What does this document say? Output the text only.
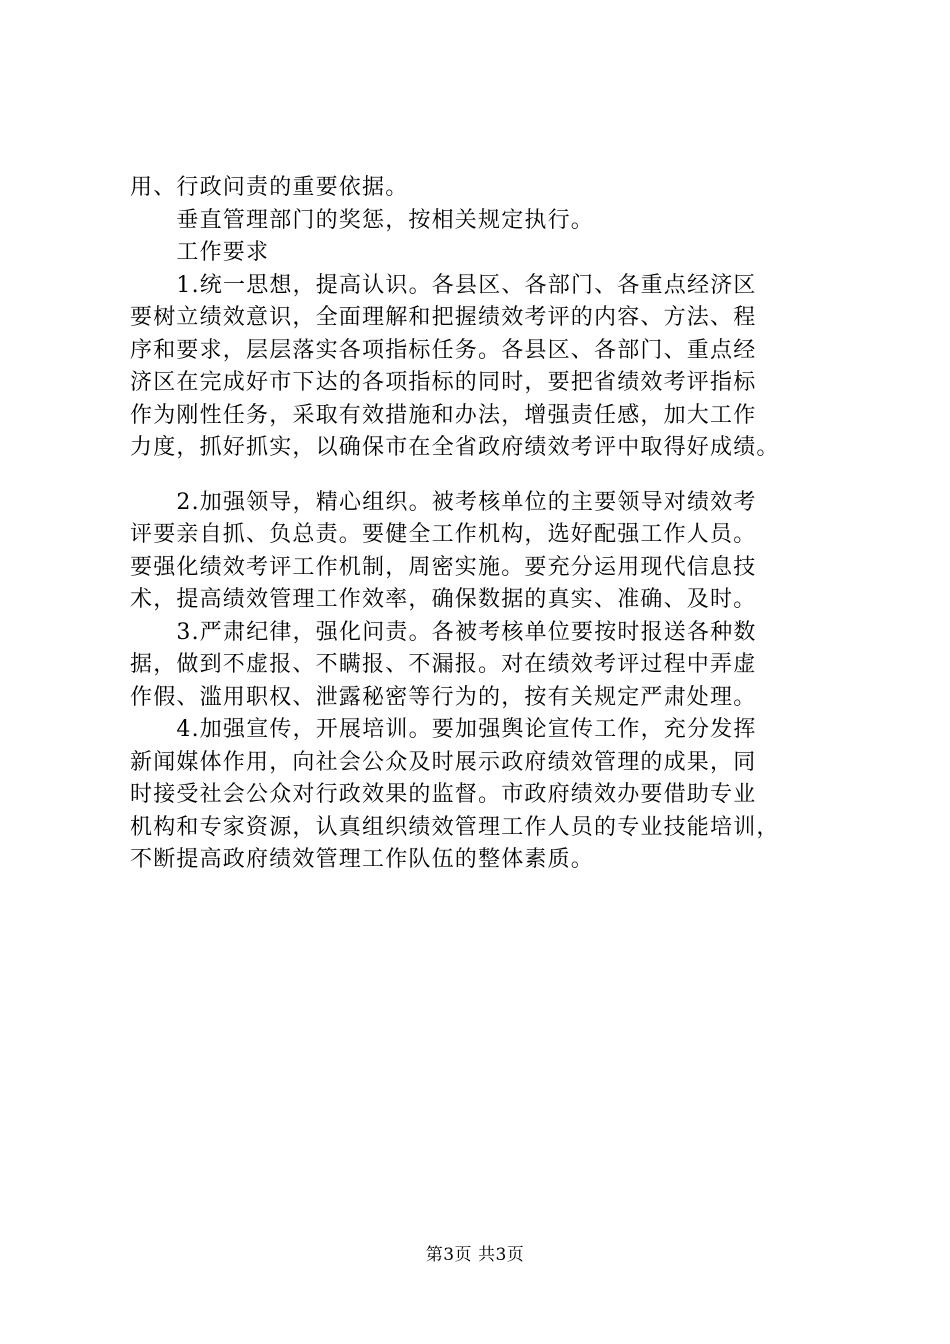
用、行政问责的重要依据。
　　垂直管理部门的奖惩，按相关规定执行。
　　工作要求
　　1.统一思想，提高认识。各县区、各部门、各重点经济区
要树立绩效意识，全面理解和把握绩效考评的内容、方法、程
序和要求，层层落实各项指标任务。各县区、各部门、重点经
济区在完成好市下达的各项指标的同时，要把省绩效考评指标
作为刚性任务，采取有效措施和办法，增强责任感，加大工作
力度，抓好抓实，以确保市在全省政府绩效考评中取得好成绩。
　　2.加强领导，精心组织。被考核单位的主要领导对绩效考
评要亲自抓、负总责。要健全工作机构，选好配强工作人员。
要强化绩效考评工作机制，周密实施。要充分运用现代信息技
术，提高绩效管理工作效率，确保数据的真实、准确、及时。
　　3.严肃纪律，强化问责。各被考核单位要按时报送各种数
据，做到不虚报、不瞒报、不漏报。对在绩效考评过程中弄虚
作假、滥用职权、泄露秘密等行为的，按有关规定严肃处理。
　　4.加强宣传，开展培训。要加强舆论宣传工作，充分发挥
新闻媒体作用，向社会公众及时展示政府绩效管理的成果，同
时接受社会公众对行政效果的监督。市政府绩效办要借助专业
机构和专家资源，认真组织绩效管理工作人员的专业技能培训，
不断提高政府绩效管理工作队伍的整体素质。
第3页 共3页
